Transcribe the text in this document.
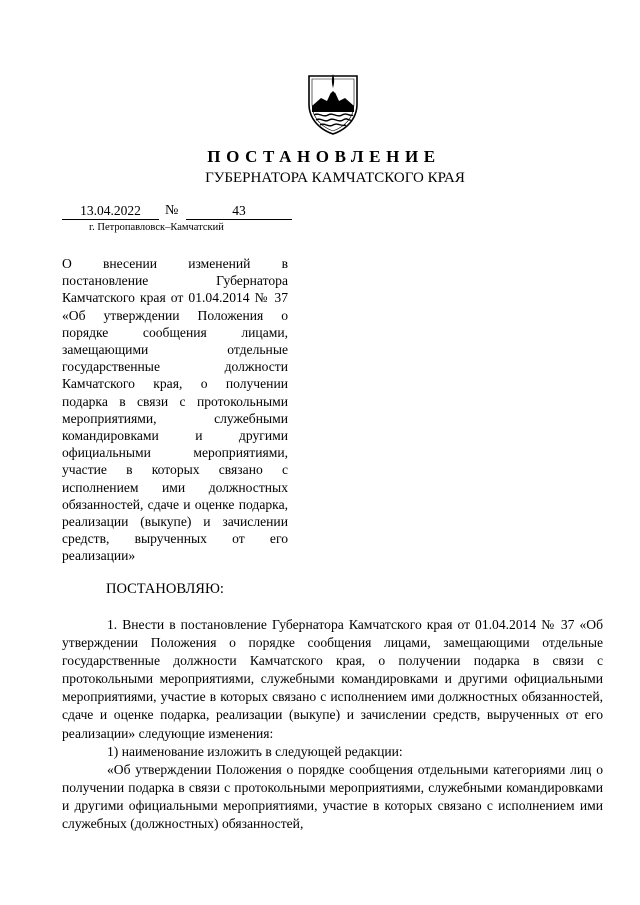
ПОСТАНОВЛЕНИЕ
ГУБЕРНАТОРА КАМЧАТСКОГО КРАЯ
13.04.2022	№	43
г. Петропавловск–Камчатский
О внесении изменений в постановление Губернатора Камчатского края от 01.04.2014 № 37 «Об утверждении Положения о порядке сообщения лицами, замещающими отдельные государственные должности Камчатского края, о получении подарка в связи с протокольными мероприятиями, служебными командировками и другими официальными мероприятиями, участие в которых связано с исполнением ими должностных обязанностей, сдаче и оценке подарка, реализации (выкупе) и зачислении средств, вырученных от его реализации»
ПОСТАНОВЛЯЮ:

1. Внести в постановление Губернатора Камчатского края от 01.04.2014 № 37 «Об утверждении Положения о порядке сообщения лицами, замещающими отдельные государственные должности Камчатского края, о получении подарка в связи с протокольными мероприятиями, служебными командировками и другими официальными мероприятиями, участие в которых связано с исполнением ими должностных обязанностей, сдаче и оценке подарка, реализации (выкупе) и зачислении средств, вырученных от его реализации» следующие изменения:

1) наименование изложить в следующей редакции:

«Об утверждении Положения о порядке сообщения отдельными категориями лиц о получении подарка в связи с протокольными мероприятиями, служебными командировками и другими официальными мероприятиями, участие в которых связано с исполнением ими служебных (должностных) обязанностей,
